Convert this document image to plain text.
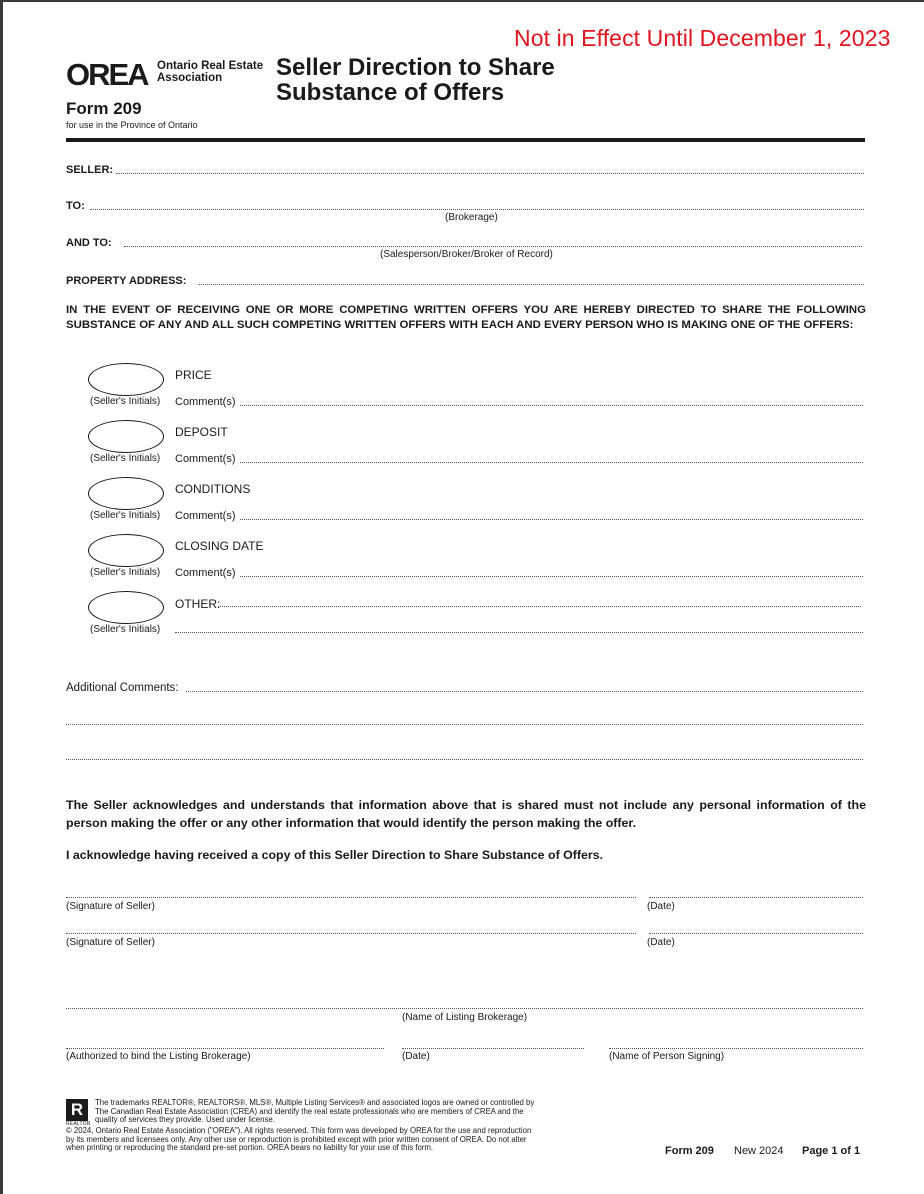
Not in Effect Until December 1, 2023
OREA Ontario Real Estate
Association	Seller Direction to Share
Substance of Offers
Form 209
for use in the Province of Ontario
SELLER:
TO:
(Brokerage)
AND TO:
(Salesperson/Broker/Broker of Record)
PROPERTY ADDRESS:
IN THE EVENT OF RECEIVING ONE OR MORE COMPETING WRITTEN OFFERS YOU ARE HEREBY DIRECTED TO SHARE THE FOLLOWING SUBSTANCE OF ANY AND ALL SUCH COMPETING WRITTEN OFFERS WITH EACH AND EVERY PERSON WHO IS MAKING ONE OF THE OFFERS:
PRICE
(Seller's Initials) Comment(s)
DEPOSIT
(Seller's Initials) Comment(s)
CONDITIONS
(Seller's Initials) Comment(s)
CLOSING DATE
(Seller's Initials) Comment(s)
OTHER:
(Seller's Initials)
Additional Comments:
The Seller acknowledges and understands that information above that is shared must not include any personal information of the person making the offer or any other information that would identify the person making the offer.
I acknowledge having received a copy of this Seller Direction to Share Substance of Offers.
(Signature of Seller)	(Date)
(Signature of Seller)	(Date)
(Name of Listing Brokerage)
(Authorized to bind the Listing Brokerage)	(Date)	(Name of Person Signing)
R
REALTOR
The trademarks REALTOR®, REALTORS®, MLS®, Multiple Listing Services® and associated logos are owned or controlled by
The Canadian Real Estate Association (CREA) and identify the real estate professionals who are members of CREA and the
quality of services they provide. Used under license.
© 2024, Ontario Real Estate Association ("OREA"). All rights reserved. This form was developed by OREA for the use and reproduction
by its members and licensees only. Any other use or reproduction is prohibited except with prior written consent of OREA. Do not alter
when printing or reproducing the standard pre-set portion. OREA bears no liability for your use of this form.	Form 209 New 2024 Page 1 of 1
